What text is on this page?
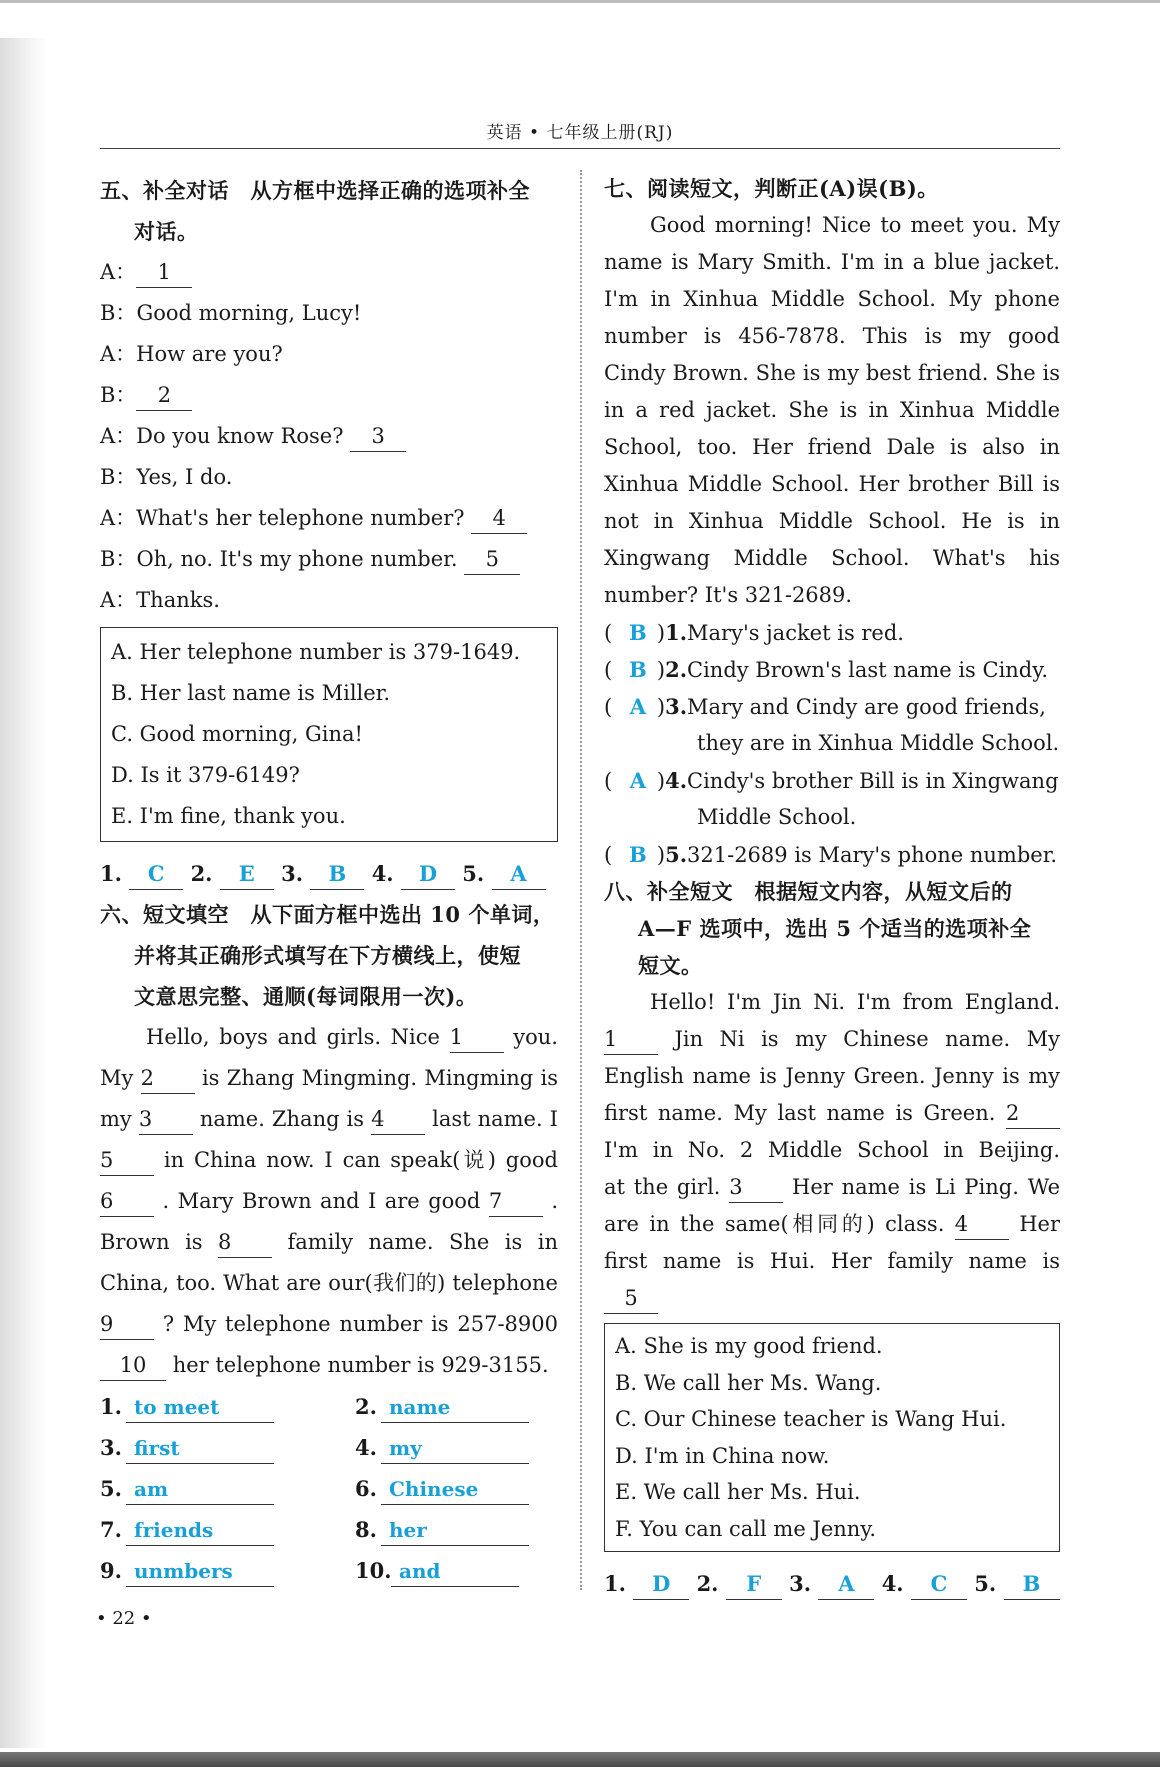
英语 • 七年级上册(RJ)
五、补全对话　从方框中选择正确的选项补全
对话。
A： 1
B：Good morning, Lucy!
A：How are you?
B： 2
A：Do you know Rose? 3
B：Yes, I do.
A：What's her telephone number? 4
B：Oh, no. It's my phone number. 5
A：Thanks.
A. Her telephone number is 379-1649.
B. Her last name is Miller.
C. Good morning, Gina!
D. Is it 379-6149?
E. I'm fine, thank you.
1. C 2. E 3. B 4. D 5. A
六、短文填空　从下面方框中选出 10 个单词，
并将其正确形式填写在下方横线上，使短
文意思完整、通顺(每词限用一次)。
Hello, boys and girls. Nice 1 you.
My 2 is Zhang Mingming. Mingming is
my 3 name. Zhang is 4 last name. I
5 in China now. I can speak(说) good
6 . Mary Brown and I are good 7 .
Brown is 8	family name. She is in
China, too. What are our(我们的) telephone
9 ? My telephone number is 257-8900
10 her telephone number is 929-3155.
1. to meet	2. name
3. first	4. my
5. am	6. Chinese
7. friends	8. her
9. unmbers	10. and
七、阅读短文，判断正(A)误(B)。
Good morning! Nice to meet you. My
name is Mary Smith. I'm in a blue jacket.
I'm in Xinhua Middle School. My phone
number is 456-7878. This is my good
Cindy Brown. She is my best friend. She is
in a red jacket. She is in Xinhua Middle
School, too. Her friend Dale is also in
Xinhua Middle School. Her brother Bill is
not in Xinhua Middle School. He is in
Xingwang Middle School. What's his
number? It's 321-2689.
( B )1.Mary's jacket is red.
( B )2.Cindy Brown's last name is Cindy.
( A )3.Mary and Cindy are good friends,
they are in Xinhua Middle School.
( A )4.Cindy's brother Bill is in Xingwang
Middle School.
( B )5.321-2689 is Mary's phone number.
八、补全短文　根据短文内容，从短文后的
A—F 选项中，选出 5 个适当的选项补全
短文。
Hello! I'm Jin Ni. I'm from England.
1	Jin Ni is my Chinese name. My
English name is Jenny Green. Jenny is my
first name. My last name is Green. 2
I'm in No. 2 Middle School in Beijing.
at the girl. 3 Her name is Li Ping. We
are in the same(相同的) class. 4 Her
first name is Hui. Her family name is
5
A. She is my good friend.
B. We call her Ms. Wang.
C. Our Chinese teacher is Wang Hui.
D. I'm in China now.
E. We call her Ms. Hui.
F. You can call me Jenny.
1. D 2. F 3. A 4. C 5. B
• 22 •
